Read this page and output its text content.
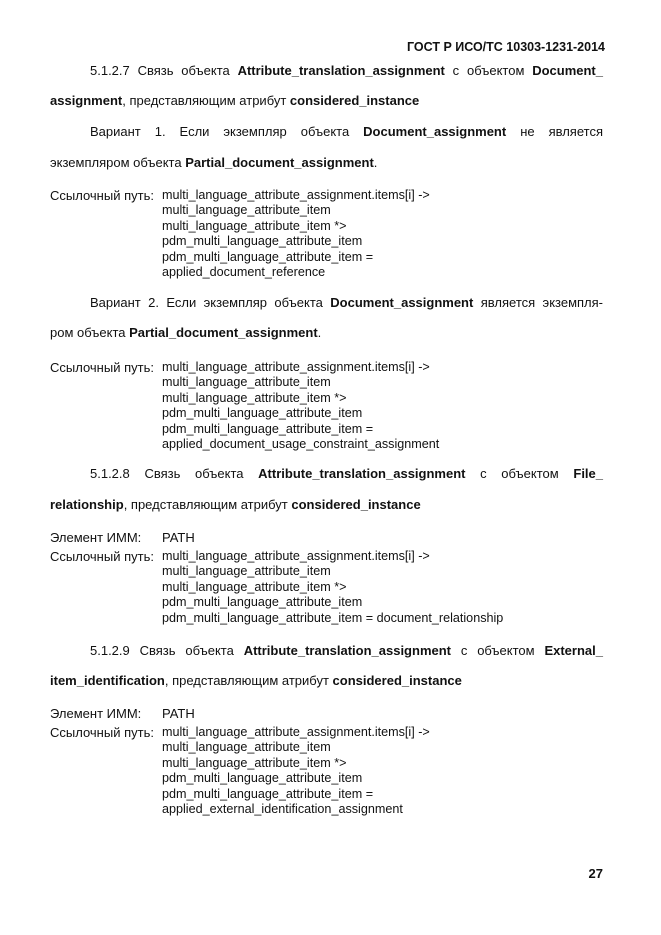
ГОСТ Р ИСО/ТС 10303-1231-2014
5.1.2.7 Связь объекта Attribute_translation_assignment с объектом Document_
assignment, представляющим атрибут considered_instance
Вариант 1. Если экземпляр объекта Document_assignment не является
экземпляром объекта Partial_document_assignment.
Ссылочный путь: multi_language_attribute_assignment.items[i] ->
multi_language_attribute_item
multi_language_attribute_item *>
pdm_multi_language_attribute_item
pdm_multi_language_attribute_item =
applied_document_reference
Вариант 2. Если экземпляр объекта Document_assignment является экземпля-
ром объекта Partial_document_assignment.
Ссылочный путь: multi_language_attribute_assignment.items[i] ->
multi_language_attribute_item
multi_language_attribute_item *>
pdm_multi_language_attribute_item
pdm_multi_language_attribute_item =
applied_document_usage_constraint_assignment
5.1.2.8 Связь объекта Attribute_translation_assignment с объектом File_
relationship, представляющим атрибут considered_instance
Элемент ИММ: PATH
Ссылочный путь: multi_language_attribute_assignment.items[i] ->
multi_language_attribute_item
multi_language_attribute_item *>
pdm_multi_language_attribute_item
pdm_multi_language_attribute_item = document_relationship
5.1.2.9 Связь объекта Attribute_translation_assignment с объектом External_
item_identification, представляющим атрибут considered_instance
Элемент ИММ: PATH
Ссылочный путь: multi_language_attribute_assignment.items[i] ->
multi_language_attribute_item
multi_language_attribute_item *>
pdm_multi_language_attribute_item
pdm_multi_language_attribute_item =
applied_external_identification_assignment
27
